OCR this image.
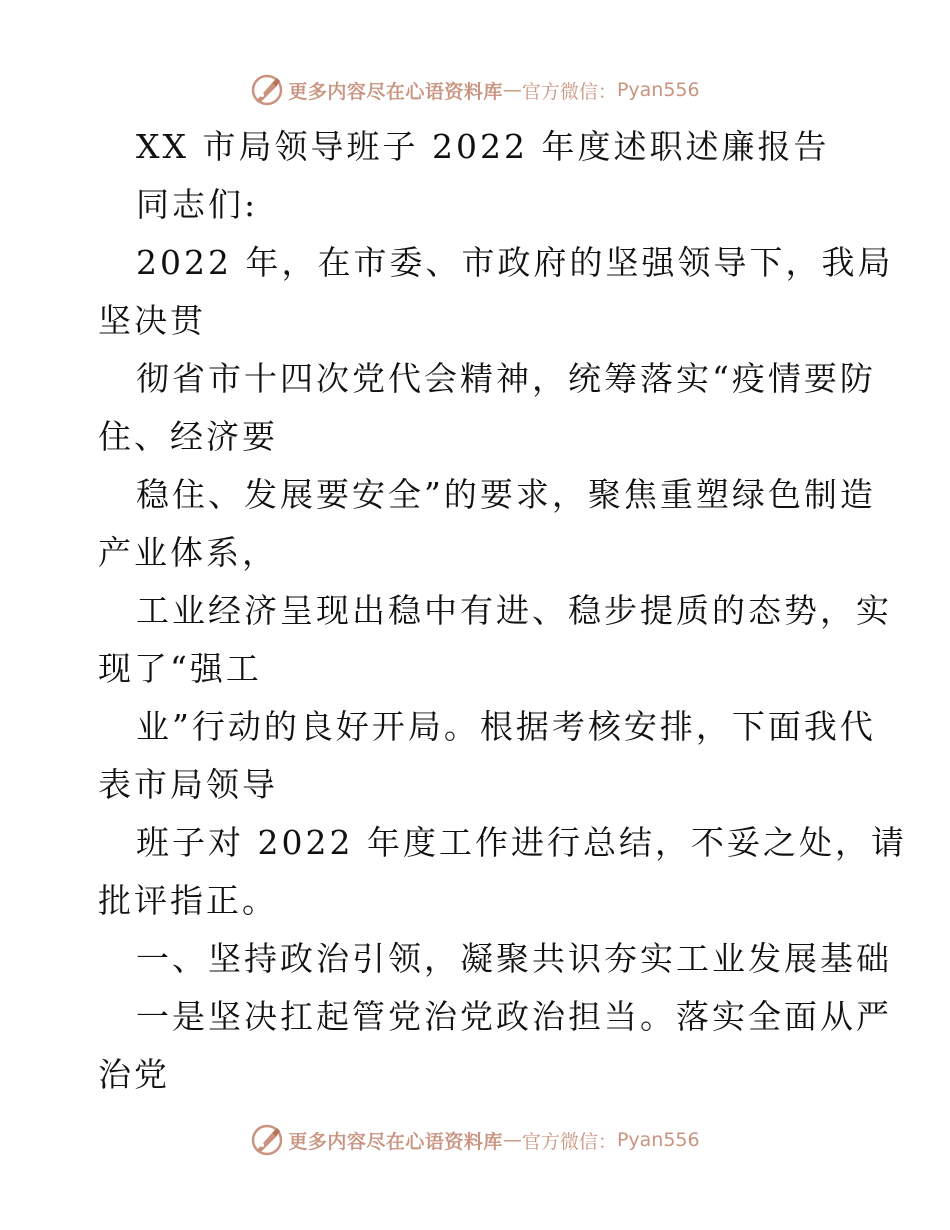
更多内容尽在心语资料库 — 官方微信： Pyan556
XX 市局领导班子 2022 年度述职述廉报告
同志们:
2022 年，在市委、市政府的坚强领导下，我局
坚决贯
彻省市十四次党代会精神，统筹落实“疫情要防
住、经济要
稳住、发展要安全”的要求，聚焦重塑绿色制造
产业体系，
工业经济呈现出稳中有进、稳步提质的态势，实
现了“强工
业”行动的良好开局。根据考核安排，下面我代
表市局领导
班子对 2022 年度工作进行总结，不妥之处，请
批评指正。
一、坚持政治引领，凝聚共识夯实工业发展基础
一是坚决扛起管党治党政治担当。落实全面从严
治党
更多内容尽在心语资料库 — 官方微信： Pyan556
